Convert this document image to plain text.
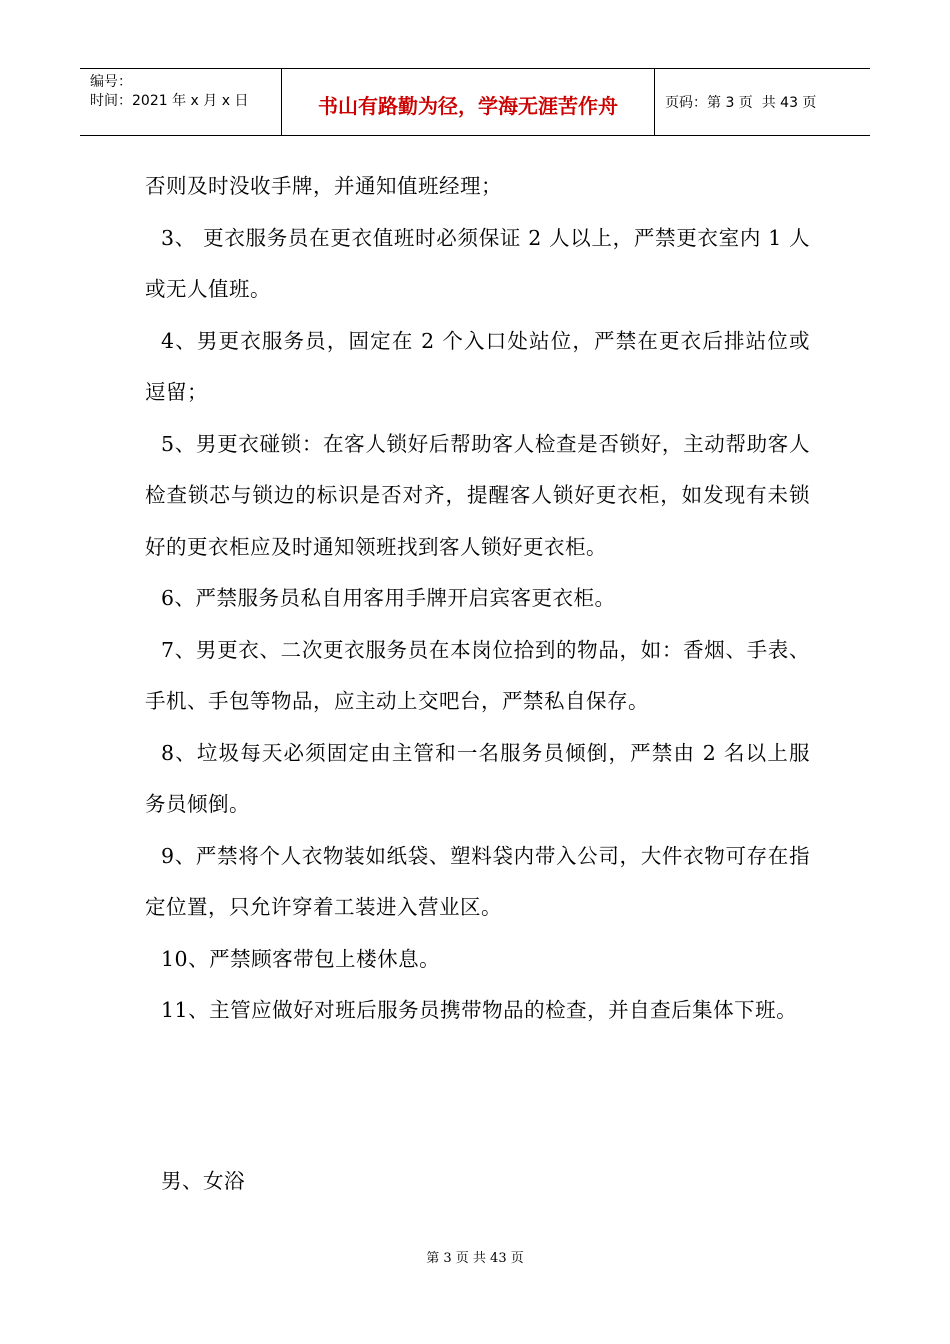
编号：
时间：2021 年 x 月 x 日	书山有路勤为径，学海无涯苦作舟	页码：第 3 页  共 43 页

否则及时没收手牌，并通知值班经理；

3、 更衣服务员在更衣值班时必须保证 2 人以上，严禁更衣室内 1 人或无人值班。

4、男更衣服务员，固定在 2 个入口处站位，严禁在更衣后排站位或逗留；

5、男更衣碰锁：在客人锁好后帮助客人检查是否锁好，主动帮助客人检查锁芯与锁边的标识是否对齐，提醒客人锁好更衣柜，如发现有未锁好的更衣柜应及时通知领班找到客人锁好更衣柜。

6、严禁服务员私自用客用手牌开启宾客更衣柜。

7、男更衣、二次更衣服务员在本岗位拾到的物品，如：香烟、手表、手机、手包等物品，应主动上交吧台，严禁私自保存。

8、垃圾每天必须固定由主管和一名服务员倾倒，严禁由 2 名以上服务员倾倒。

9、严禁将个人衣物装如纸袋、塑料袋内带入公司，大件衣物可存在指定位置，只允许穿着工装进入营业区。

10、严禁顾客带包上楼休息。

11、主管应做好对班后服务员携带物品的检查，并自查后集体下班。

男、女浴
第 3 页 共 43 页
